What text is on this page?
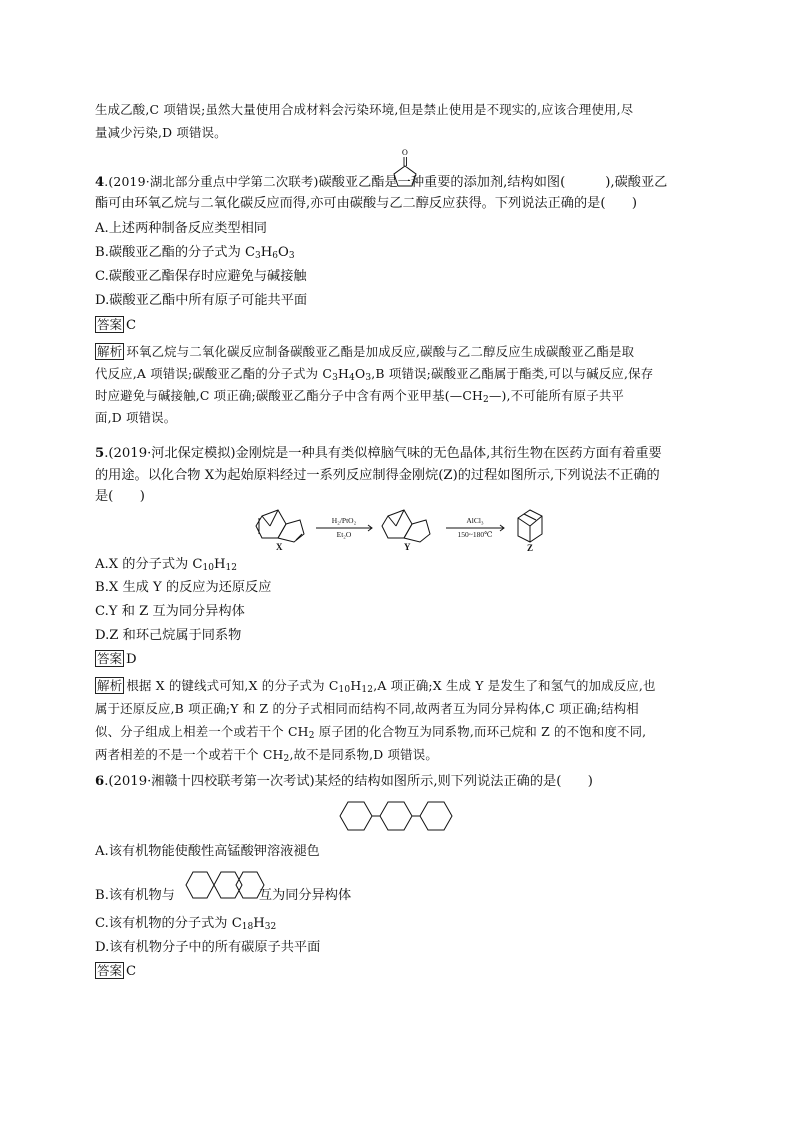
生成乙酸,C 项错误;虽然大量使用合成材料会污染环境,但是禁止使用是不现实的,应该合理使用,尽
量减少污染,D 项错误。
4.(2019·湖北部分重点中学第二次联考)碳酸亚乙酯是一种重要的添加剂,结构如图(	),碳酸亚乙
O
酯可由环氧乙烷与二氧化碳反应而得,亦可由碳酸与乙二醇反应获得。下列说法正确的是(　　)
A.上述两种制备反应类型相同
B.碳酸亚乙酯的分子式为 $C_3H_6O_3$
C.碳酸亚乙酯保存时应避免与碱接触
D.碳酸亚乙酯中所有原子可能共平面
答案 C
解析 环氧乙烷与二氧化碳反应制备碳酸亚乙酯是加成反应,碳酸与乙二醇反应生成碳酸亚乙酯是取
代反应,A 项错误;碳酸亚乙酯的分子式为 $C_3H_4O_3,B$ 项错误;碳酸亚乙酯属于酯类,可以与碱反应,保存
时应避免与碱接触,C 项正确;碳酸亚乙酯分子中含有两个亚甲基$(—CH_2—)$,不可能所有原子共平
面,D 项错误。
5.(2019·河北保定模拟)金刚烷是一种具有类似樟脑气味的无色晶体,其衍生物在医药方面有着重要
的用途。以化合物 X为起始原料经过一系列反应制得金刚烷(Z)的过程如图所示,下列说法不正确的
是(　　)
X	Y	Z
H₂/PtO₂
Et₂O
AlCl₃
150~180℃
A.X 的分子式为 $C_{10}H_{12}$
B.X 生成 Y 的反应为还原反应
C.Y 和 Z 互为同分异构体
D.Z 和环己烷属于同系物
答案 D
解析 根据 X 的键线式可知,X 的分子式为 $C_{10}H_{12},A$ 项正确;X 生成 Y 是发生了和氢气的加成反应,也
属于还原反应,B 项正确;Y 和 Z 的分子式相同而结构不同,故两者互为同分异构体,C 项正确;结构相
似、分子组成上相差一个或若干个 $CH_2$ 原子团的化合物互为同系物,而环己烷和 Z 的不饱和度不同,
两者相差的不是一个或若干个 $CH_2$,故不是同系物,D 项错误。
6.(2019·湘赣十四校联考第一次考试)某烃的结构如图所示,则下列说法正确的是(　　)
A.该有机物能使酸性高锰酸钾溶液褪色
B.该有机物与	互为同分异构体
C.该有机物的分子式为 $C_{18}H_{32}$
D.该有机物分子中的所有碳原子共平面
答案 C
